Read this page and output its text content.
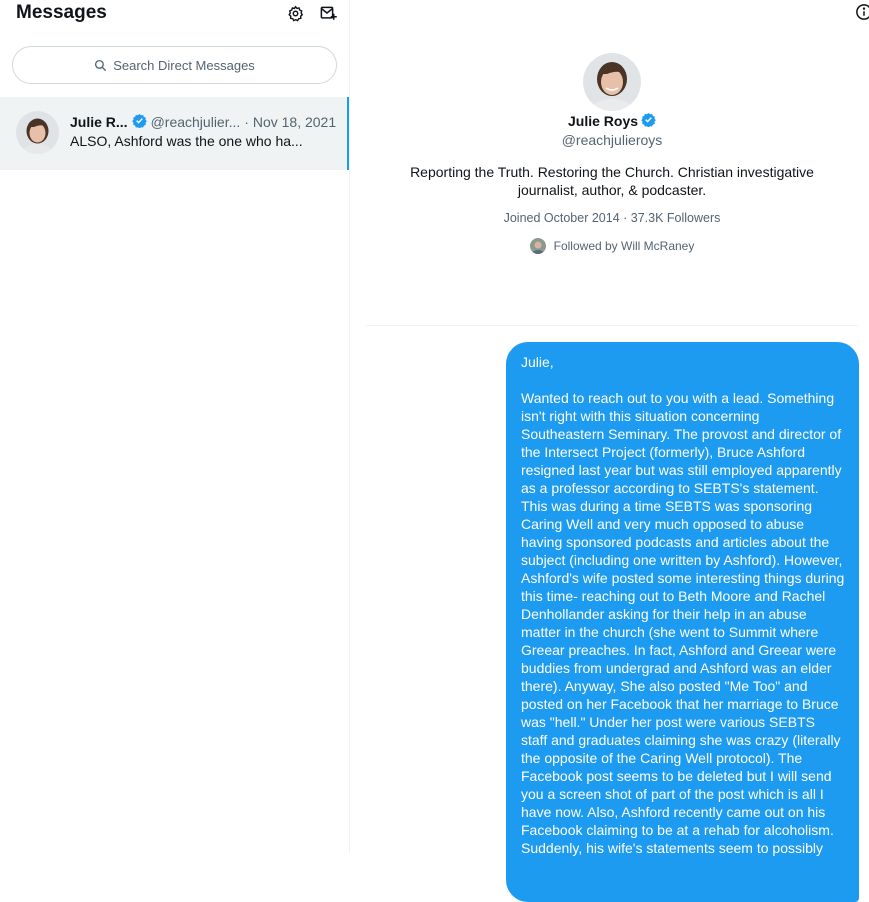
Messages
Search Direct Messages
Julie R... @reachjulier... · Nov 18, 2021
ALSO, Ashford was the one who ha...
Julie Roys
@reachjulieroys
Reporting the Truth. Restoring the Church. Christian investigative journalist, author, & podcaster.
Joined October 2014 · 37.3K Followers
Followed by Will McRaney

Julie,

Wanted to reach out to you with a lead. Something isn't right with this situation concerning Southeastern Seminary. The provost and director of the Intersect Project (formerly), Bruce Ashford resigned last year but was still employed apparently as a professor according to SEBTS's statement. This was during a time SEBTS was sponsoring Caring Well and very much opposed to abuse having sponsored podcasts and articles about the subject (including one written by Ashford). However, Ashford's wife posted some interesting things during this time- reaching out to Beth Moore and Rachel Denhollander asking for their help in an abuse matter in the church (she went to Summit where Greear preaches. In fact, Ashford and Greear were buddies from undergrad and Ashford was an elder there). Anyway, She also posted "Me Too" and posted on her Facebook that her marriage to Bruce was "hell." Under her post were various SEBTS staff and graduates claiming she was crazy (literally the opposite of the Caring Well protocol). The Facebook post seems to be deleted but I will send you a screen shot of part of the post which is all I have now. Also, Ashford recently came out on his Facebook claiming to be at a rehab for alcoholism. Suddenly, his wife's statements seem to possibly
